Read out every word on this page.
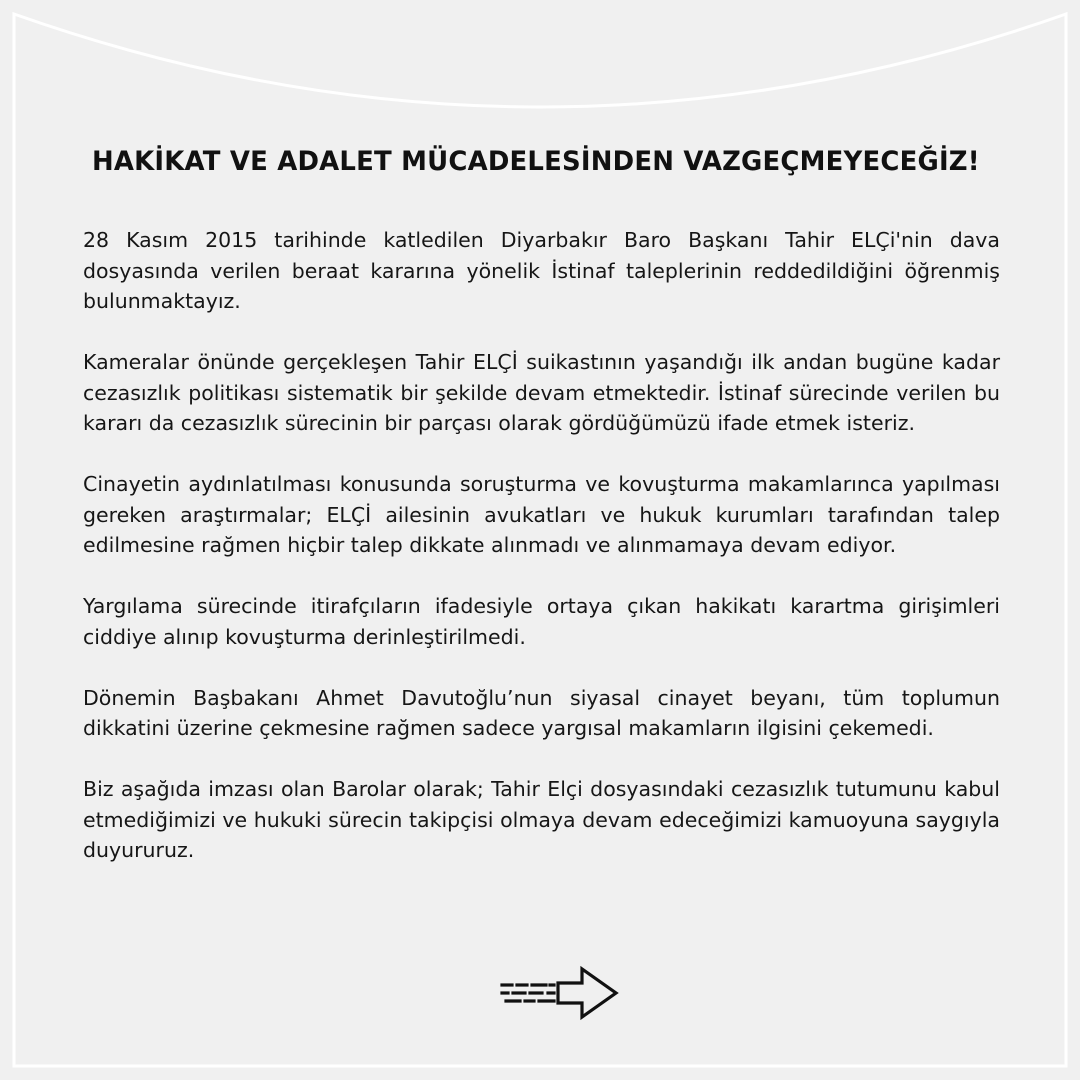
HAKİKAT VE ADALET MÜCADELESİNDEN VAZGEÇMEYECEĞİZ!

28 Kasım 2015 tarihinde katledilen Diyarbakır Baro Başkanı Tahir ELÇi'nin dava dosyasında verilen beraat kararına yönelik İstinaf taleplerinin reddedildiğini öğrenmiş bulunmaktayız.

Kameralar önünde gerçekleşen Tahir ELÇİ suikastının yaşandığı ilk andan bugüne kadar cezasızlık politikası sistematik bir şekilde devam etmektedir. İstinaf sürecinde verilen bu kararı da cezasızlık sürecinin bir parçası olarak gördüğümüzü ifade etmek isteriz.

Cinayetin aydınlatılması konusunda soruşturma ve kovuşturma makamlarınca yapılması gereken araştırmalar; ELÇİ ailesinin avukatları ve hukuk kurumları tarafından talep edilmesine rağmen hiçbir talep dikkate alınmadı ve alınmamaya devam ediyor.

Yargılama sürecinde itirafçıların ifadesiyle ortaya çıkan hakikatı karartma girişimleri ciddiye alınıp kovuşturma derinleştirilmedi.

Dönemin Başbakanı Ahmet Davutoğlu’nun siyasal cinayet beyanı, tüm toplumun dikkatini üzerine çekmesine rağmen sadece yargısal makamların ilgisini çekemedi.

Biz aşağıda imzası olan Barolar olarak; Tahir Elçi dosyasındaki cezasızlık tutumunu kabul etmediğimizi ve hukuki sürecin takipçisi olmaya devam edeceğimizi kamuoyuna saygıyla duyururuz.
